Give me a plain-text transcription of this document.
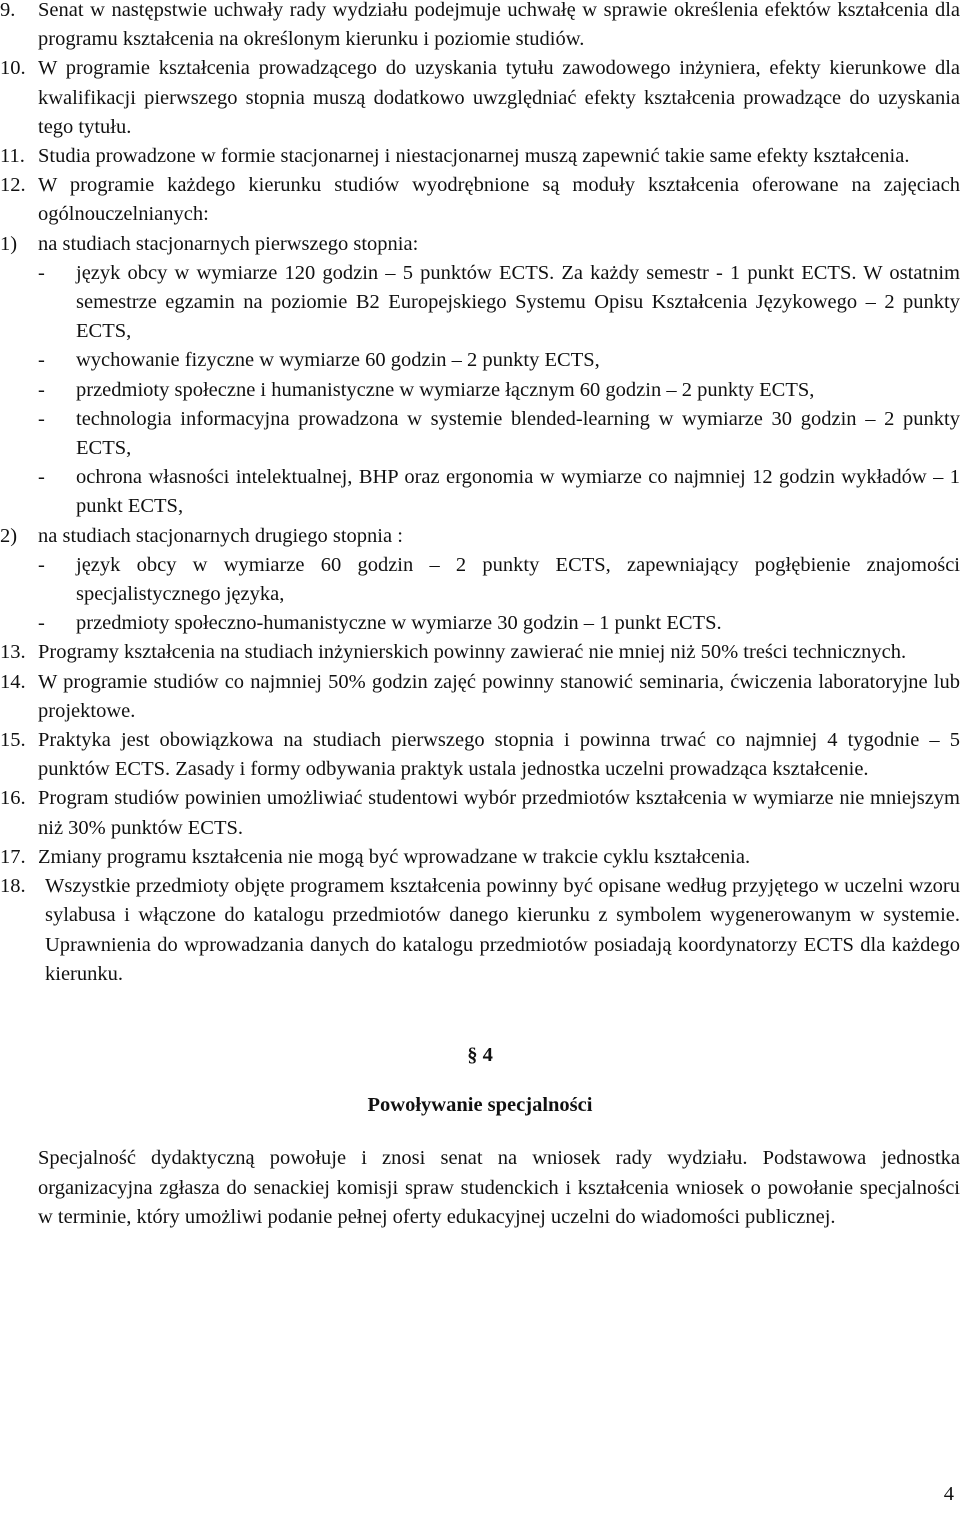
9. Senat w następstwie uchwały rady wydziału podejmuje uchwałę w sprawie określenia efektów kształcenia dla programu kształcenia na określonym kierunku i poziomie studiów.
10. W programie kształcenia prowadzącego do uzyskania tytułu zawodowego inżyniera, efekty kierunkowe dla kwalifikacji pierwszego stopnia muszą dodatkowo uwzględniać efekty kształcenia prowadzące do uzyskania tego tytułu.
11. Studia prowadzone w formie stacjonarnej i niestacjonarnej muszą zapewnić takie same efekty kształcenia.
12. W programie każdego kierunku studiów wyodrębnione są moduły kształcenia oferowane na zajęciach ogólnouczelnianych:
1) na studiach stacjonarnych pierwszego stopnia:
- język obcy w wymiarze 120 godzin – 5 punktów ECTS. Za każdy semestr - 1 punkt ECTS. W ostatnim semestrze egzamin na poziomie B2 Europejskiego Systemu Opisu Kształcenia Językowego – 2 punkty ECTS,
- wychowanie fizyczne w wymiarze 60 godzin – 2 punkty ECTS,
- przedmioty społeczne i humanistyczne w wymiarze łącznym 60 godzin – 2 punkty ECTS,
- technologia informacyjna prowadzona w systemie blended-learning w wymiarze 30 godzin – 2 punkty ECTS,
- ochrona własności intelektualnej, BHP oraz ergonomia w wymiarze co najmniej 12 godzin wykładów – 1 punkt ECTS,
2) na studiach stacjonarnych drugiego stopnia :
- język obcy w wymiarze 60 godzin – 2 punkty ECTS, zapewniający pogłębienie znajomości specjalistycznego języka,
- przedmioty społeczno-humanistyczne w wymiarze 30 godzin – 1 punkt ECTS.
13. Programy kształcenia na studiach inżynierskich powinny zawierać nie mniej niż 50% treści technicznych.
14. W programie studiów co najmniej 50% godzin zajęć powinny stanowić seminaria, ćwiczenia laboratoryjne lub projektowe.
15. Praktyka jest obowiązkowa na studiach pierwszego stopnia i powinna trwać co najmniej 4 tygodnie – 5 punktów ECTS. Zasady i formy odbywania praktyk ustala jednostka uczelni prowadząca kształcenie.
16. Program studiów powinien umożliwiać studentowi wybór przedmiotów kształcenia w wymiarze nie mniejszym niż 30% punktów ECTS.
17. Zmiany programu kształcenia nie mogą być wprowadzane w trakcie cyklu kształcenia.
18. Wszystkie przedmioty objęte programem kształcenia powinny być opisane według przyjętego w uczelni wzoru sylabusa i włączone do katalogu przedmiotów danego kierunku z symbolem wygenerowanym w systemie. Uprawnienia do wprowadzania danych do katalogu przedmiotów posiadają koordynatorzy ECTS dla każdego kierunku.

§ 4

Powoływanie specjalności

Specjalność dydaktyczną powołuje i znosi senat na wniosek rady wydziału. Podstawowa jednostka organizacyjna zgłasza do senackiej komisji spraw studenckich i kształcenia wniosek o powołanie specjalności w terminie, który umożliwi podanie pełnej oferty edukacyjnej uczelni do wiadomości publicznej.

4
